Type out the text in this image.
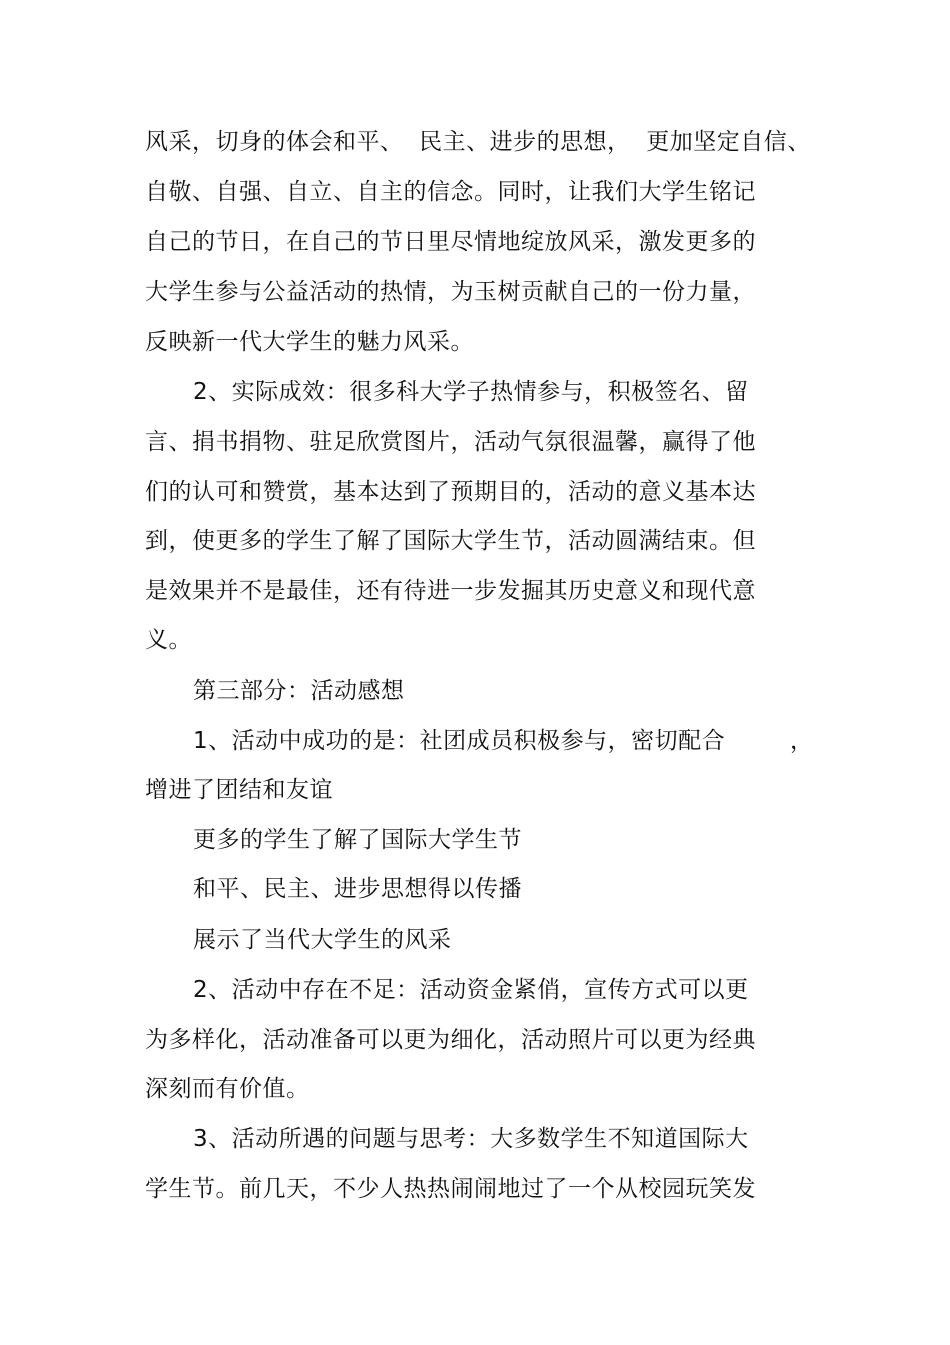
风采，切身的体会和平、  民主、进步的思想，  更加坚定自信、
自敬、自强、自立、自主的信念。同时，让我们大学生铭记
自己的节日，在自己的节日里尽情地绽放风采，激发更多的
大学生参与公益活动的热情，为玉树贡献自己的一份力量，
反映新一代大学生的魅力风采。
2、实际成效：很多科大学子热情参与，积极签名、留
言、捐书捐物、驻足欣赏图片，活动气氛很温馨，赢得了他
们的认可和赞赏，基本达到了预期目的，活动的意义基本达
到，使更多的学生了解了国际大学生节，活动圆满结束。但
是效果并不是最佳，还有待进一步发掘其历史意义和现代意
义。
第三部分：活动感想
1、活动中成功的是：社团成员积极参与，密切配合	，
增进了团结和友谊
更多的学生了解了国际大学生节
和平、民主、进步思想得以传播
展示了当代大学生的风采
2、活动中存在不足：活动资金紧俏，宣传方式可以更
为多样化，活动准备可以更为细化，活动照片可以更为经典
深刻而有价值。
3、活动所遇的问题与思考：大多数学生不知道国际大
学生节。前几天，不少人热热闹闹地过了一个从校园玩笑发
